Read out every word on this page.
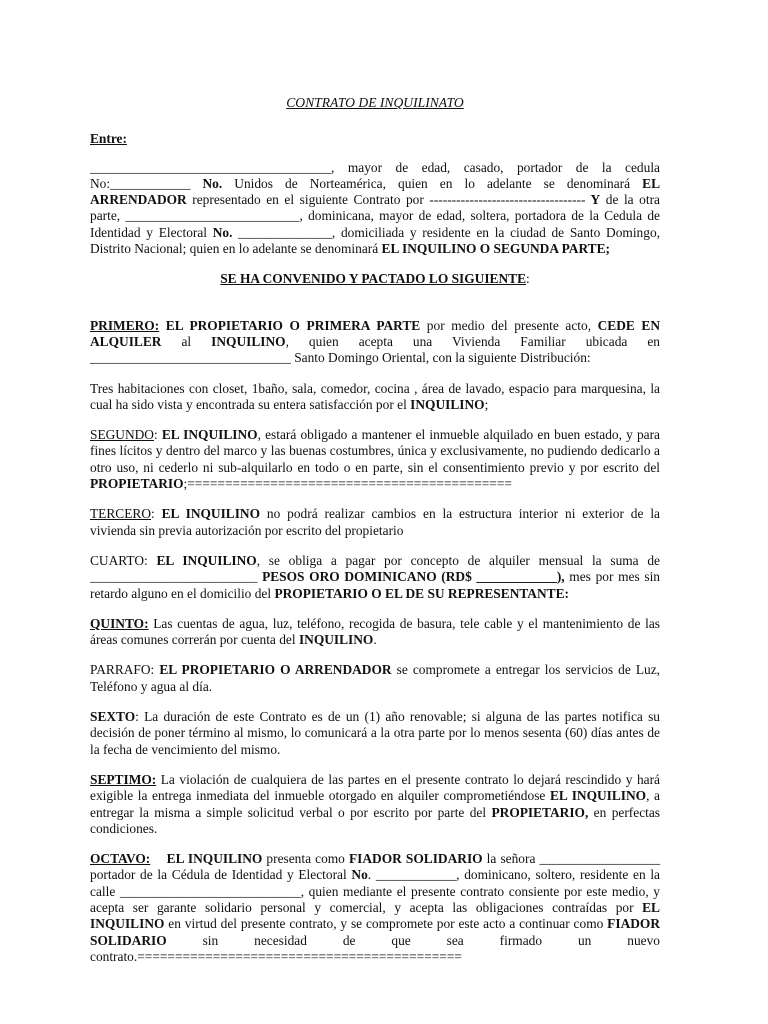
CONTRATO DE INQUILINATO
Entre:

____________________________________, mayor de edad, casado, portador de la cedula No:____________ No. Unidos de Norteamérica, quien en lo adelante se denominará EL ARRENDADOR representado en el siguiente Contrato por ----------------------------------- Y de la otra parte, __________________________, dominicana, mayor de edad, soltera, portadora de la Cedula de Identidad y Electoral No. ______________, domiciliada y residente en la ciudad de Santo Domingo, Distrito Nacional; quien en lo adelante se denominará EL INQUILINO O SEGUNDA PARTE;

SE HA CONVENIDO Y PACTADO LO SIGUIENTE:

PRIMERO: EL PROPIETARIO O PRIMERA PARTE por medio del presente acto, CEDE EN ALQUILER al INQUILINO, quien acepta una Vivienda Familiar ubicada en ______________________________ Santo Domingo Oriental, con la siguiente Distribución:

Tres habitaciones con closet, 1baño, sala, comedor, cocina , área de lavado, espacio para marquesina, la cual ha sido vista y encontrada su entera satisfacción por el INQUILINO;

SEGUNDO: EL INQUILINO, estará obligado a mantener el inmueble alquilado en buen estado, y para fines lícitos y dentro del marco y las buenas costumbres, única y exclusivamente, no pudiendo dedicarlo a otro uso, ni cederlo ni sub-alquilarlo en todo o en parte, sin el consentimiento previo y por escrito del PROPIETARIO;===========================================

TERCERO: EL INQUILINO no podrá realizar cambios en la estructura interior ni exterior de la vivienda sin previa autorización por escrito del propietario

CUARTO: EL INQUILINO, se obliga a pagar por concepto de alquiler mensual la suma de _________________________ PESOS ORO DOMINICANO (RD$ ____________), mes por mes sin retardo alguno en el domicilio del PROPIETARIO O EL DE SU REPRESENTANTE:

QUINTO: Las cuentas de agua, luz, teléfono, recogida de basura, tele cable y el mantenimiento de las áreas comunes correrán por cuenta del INQUILINO.

PARRAFO: EL PROPIETARIO O ARRENDADOR se compromete a entregar los servicios de Luz, Teléfono y agua al día.

SEXTO: La duración de este Contrato es de un (1) año renovable; si alguna de las partes notifica su decisión de poner término al mismo, lo comunicará a la otra parte por lo menos sesenta (60) días antes de la fecha de vencimiento del mismo.

SEPTIMO: La violación de cualquiera de las partes en el presente contrato lo dejará rescindido y hará exigible la entrega inmediata del inmueble otorgado en alquiler comprometiéndose EL INQUILINO, a entregar la misma a simple solicitud verbal o por escrito por parte del PROPIETARIO, en perfectas condiciones.

OCTAVO: EL INQUILINO presenta como FIADOR SOLIDARIO la señora __________________ portador de la Cédula de Identidad y Electoral No. ____________, dominicano, soltero, residente en la calle ___________________________, quien mediante el presente contrato consiente por este medio, y acepta ser garante solidario personal y comercial, y acepta las obligaciones contraídas por EL INQUILINO en virtud del presente contrato, y se compromete por este acto a continuar como FIADOR SOLIDARIO sin necesidad de que sea firmado un nuevo contrato.===========================================
